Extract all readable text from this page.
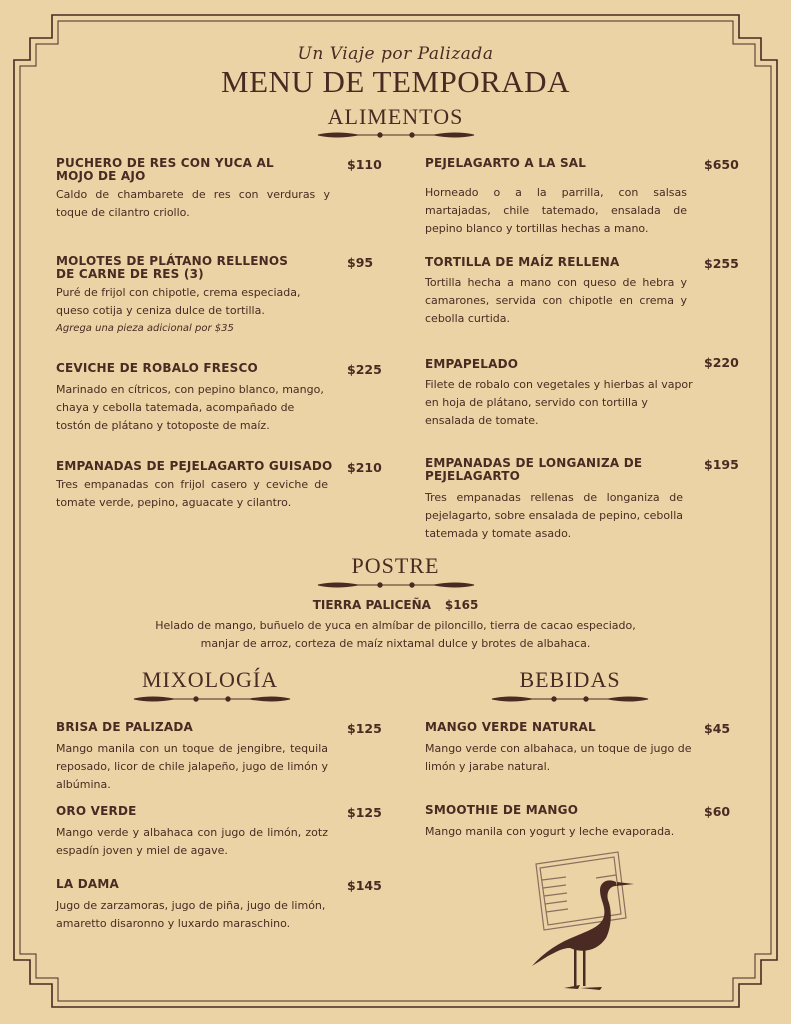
Un Viaje por Palizada
MENU DE TEMPORADA
ALIMENTOS
PUCHERO DE RES CON YUCA AL MOJO DE AJO
$110
Caldo de chambarete de res con verduras y toque de cilantro criollo.
MOLOTES DE PLÁTANO RELLENOS DE CARNE DE RES (3)
$95
Puré de frijol con chipotle, crema especiada, queso cotija y ceniza dulce de tortilla.
Agrega una pieza adicional por $35
CEVICHE DE ROBALO FRESCO	$225
Marinado en cítricos, con pepino blanco, mango, chaya y cebolla tatemada, acompañado de tostón de plátano y totoposte de maíz.
EMPANADAS DE PEJELAGARTO GUISADO	$210
Tres empanadas con frijol casero y ceviche de tomate verde, pepino, aguacate y cilantro.
PEJELAGARTO A LA SAL	$650
Horneado o a la parrilla, con salsas martajadas, chile tatemado, ensalada de pepino blanco y tortillas hechas a mano.
TORTILLA DE MAÍZ RELLENA	$255
Tortilla hecha a mano con queso de hebra y camarones, servida con chipotle en crema y cebolla curtida.
EMPAPELADO	$220
Filete de robalo con vegetales y hierbas al vapor en hoja de plátano, servido con tortilla y ensalada de tomate.
EMPANADAS DE LONGANIZA DE PEJELAGARTO
$195
Tres empanadas rellenas de longaniza de pejelagarto, sobre ensalada de pepino, cebolla tatemada y tomate asado.
POSTRE
TIERRA PALICEÑA $165
Helado de mango, buñuelo de yuca en almíbar de piloncillo, tierra de cacao especiado,
manjar de arroz, corteza de maíz nixtamal dulce y brotes de albahaca.
MIXOLOGÍA
BRISA DE PALIZADA	$125
Mango manila con un toque de jengibre, tequila reposado, licor de chile jalapeño, jugo de limón y albúmina.
ORO VERDE	$125
Mango verde y albahaca con jugo de limón, zotz espadín joven y miel de agave.
LA DAMA	$145
Jugo de zarzamoras, jugo de piña, jugo de limón, amaretto disaronno y luxardo maraschino.
BEBIDAS
MANGO VERDE NATURAL	$45
Mango verde con albahaca, un toque de jugo de limón y jarabe natural.
SMOOTHIE DE MANGO	$60
Mango manila con yogurt y leche evaporada.
